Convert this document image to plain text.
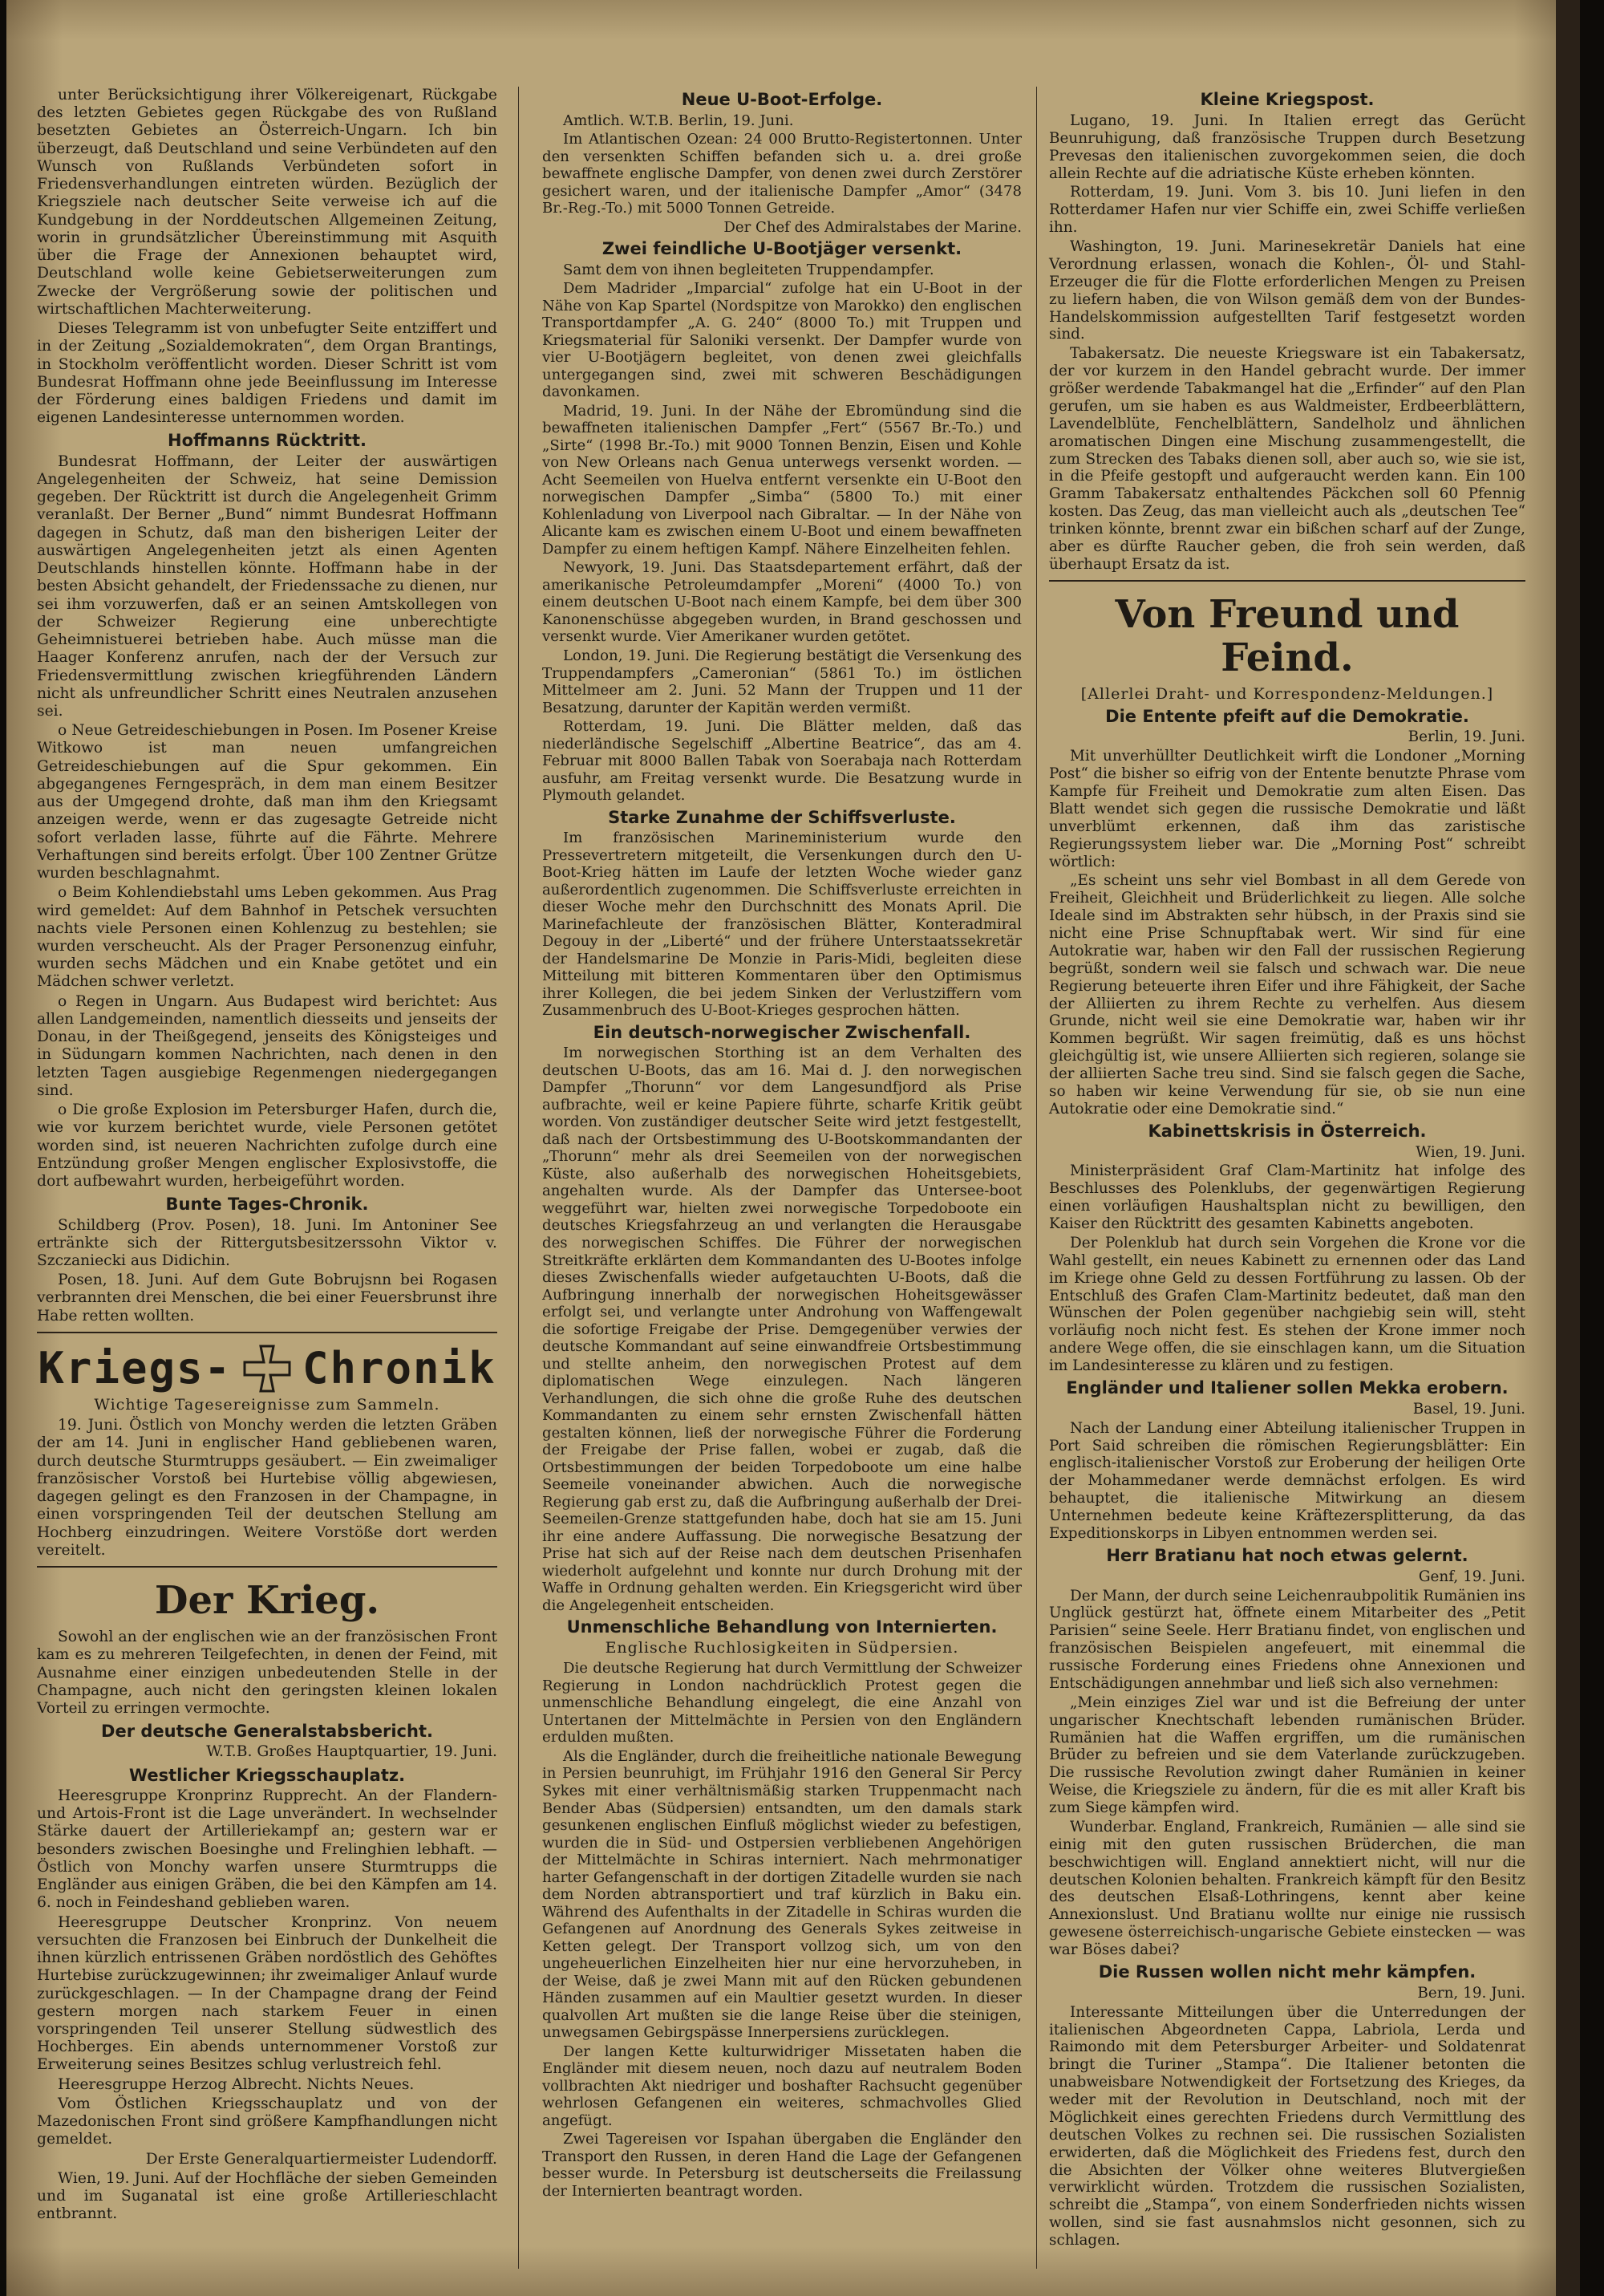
unter Berücksichtigung ihrer Völkereigenart, Rückgabe des letzten Gebietes gegen Rückgabe des von Rußland besetzten Gebietes an Österreich-Ungarn. Ich bin überzeugt, daß Deutschland und seine Verbündeten auf den Wunsch von Rußlands Verbündeten sofort in Friedensverhandlungen eintreten würden. Bezüglich der Kriegsziele nach deutscher Seite verweise ich auf die Kundgebung in der Norddeutschen Allgemeinen Zeitung, worin in grundsätzlicher Übereinstimmung mit Asquith über die Frage der Annexionen behauptet wird, Deutschland wolle keine Gebietserweiterungen zum Zwecke der Vergrößerung sowie der politischen und wirtschaftlichen Machterweiterung.
Dieses Telegramm ist von unbefugter Seite entziffert und in der Zeitung „Sozialdemokraten“, dem Organ Brantings, in Stockholm veröffentlicht worden. Dieser Schritt ist vom Bundesrat Hoffmann ohne jede Beeinflussung im Interesse der Förderung eines baldigen Friedens und damit im eigenen Landesinteresse unternommen worden.
Hoffmanns Rücktritt.
Bundesrat Hoffmann, der Leiter der auswärtigen Angelegenheiten der Schweiz, hat seine Demission gegeben. Der Rücktritt ist durch die Angelegenheit Grimm veranlaßt. Der Berner „Bund“ nimmt Bundesrat Hoffmann dagegen in Schutz, daß man den bisherigen Leiter der auswärtigen Angelegenheiten jetzt als einen Agenten Deutschlands hinstellen könnte. Hoffmann habe in der besten Absicht gehandelt, der Friedenssache zu dienen, nur sei ihm vorzuwerfen, daß er an seinen Amtskollegen von der Schweizer Regierung eine unberechtigte Geheimnistuerei betrieben habe. Auch müsse man die Haager Konferenz anrufen, nach der der Versuch zur Friedensvermittlung zwischen kriegführenden Ländern nicht als unfreundlicher Schritt eines Neutralen anzusehen sei.
o Neue Getreideschiebungen in Posen. Im Posener Kreise Witkowo ist man neuen umfangreichen Getreideschiebungen auf die Spur gekommen. Ein abgegangenes Ferngespräch, in dem man einem Besitzer aus der Umgegend drohte, daß man ihm den Kriegsamt anzeigen werde, wenn er das zugesagte Getreide nicht sofort verladen lasse, führte auf die Fährte. Mehrere Verhaftungen sind bereits erfolgt. Über 100 Zentner Grütze wurden beschlagnahmt.
o Beim Kohlendiebstahl ums Leben gekommen. Aus Prag wird gemeldet: Auf dem Bahnhof in Petschek versuchten nachts viele Personen einen Kohlenzug zu bestehlen; sie wurden verscheucht. Als der Prager Personenzug einfuhr, wurden sechs Mädchen und ein Knabe getötet und ein Mädchen schwer verletzt.
o Regen in Ungarn. Aus Budapest wird berichtet: Aus allen Landgemeinden, namentlich diesseits und jenseits der Donau, in der Theißgegend, jenseits des Königsteiges und in Südungarn kommen Nachrichten, nach denen in den letzten Tagen ausgiebige Regenmengen niedergegangen sind.
o Die große Explosion im Petersburger Hafen, durch die, wie vor kurzem berichtet wurde, viele Personen getötet worden sind, ist neueren Nachrichten zufolge durch eine Entzündung großer Mengen englischer Explosivstoffe, die dort aufbewahrt wurden, herbeigeführt worden.
Bunte Tages-Chronik.
Schildberg (Prov. Posen), 18. Juni. Im Antoniner See ertränkte sich der Rittergutsbesitzerssohn Viktor v. Szczaniecki aus Didichin.
Posen, 18. Juni. Auf dem Gute Bobrujsnn bei Rogasen verbrannten drei Menschen, die bei einer Feuersbrunst ihre Habe retten wollten.
Kriegs- Chronik
Wichtige Tagesereignisse zum Sammeln.
19. Juni. Östlich von Monchy werden die letzten Gräben der am 14. Juni in englischer Hand gebliebenen waren, durch deutsche Sturmtrupps gesäubert. — Ein zweimaliger französischer Vorstoß bei Hurtebise völlig abgewiesen, dagegen gelingt es den Franzosen in der Champagne, in einen vorspringenden Teil der deutschen Stellung am Hochberg einzudringen. Weitere Vorstöße dort werden vereitelt.
Der Krieg.
Sowohl an der englischen wie an der französischen Front kam es zu mehreren Teilgefechten, in denen der Feind, mit Ausnahme einer einzigen unbedeutenden Stelle in der Champagne, auch nicht den geringsten kleinen lokalen Vorteil zu erringen vermochte.
Der deutsche Generalstabsbericht.
W.T.B. Großes Hauptquartier, 19. Juni.
Westlicher Kriegsschauplatz.
Heeresgruppe Kronprinz Rupprecht. An der Flandern- und Artois-Front ist die Lage unverändert. In wechselnder Stärke dauert der Artilleriekampf an; gestern war er besonders zwischen Boesinghe und Frelinghien lebhaft. — Östlich von Monchy warfen unsere Sturmtrupps die Engländer aus einigen Gräben, die bei den Kämpfen am 14. 6. noch in Feindeshand geblieben waren.
Heeresgruppe Deutscher Kronprinz. Von neuem versuchten die Franzosen bei Einbruch der Dunkelheit die ihnen kürzlich entrissenen Gräben nordöstlich des Gehöftes Hurtebise zurückzugewinnen; ihr zweimaliger Anlauf wurde zurückgeschlagen. — In der Champagne drang der Feind gestern morgen nach starkem Feuer in einen vorspringenden Teil unserer Stellung südwestlich des Hochberges. Ein abends unternommener Vorstoß zur Erweiterung seines Besitzes schlug verlustreich fehl.
Heeresgruppe Herzog Albrecht. Nichts Neues.
Vom Östlichen Kriegsschauplatz und von der Mazedonischen Front sind größere Kampfhandlungen nicht gemeldet.
Der Erste Generalquartiermeister Ludendorff.
Wien, 19. Juni. Auf der Hochfläche der sieben Gemeinden und im Suganatal ist eine große Artillerieschlacht entbrannt.
Neue U-Boot-Erfolge.
Amtlich. W.T.B. Berlin, 19. Juni.
Im Atlantischen Ozean: 24 000 Brutto-Registertonnen. Unter den versenkten Schiffen befanden sich u. a. drei große bewaffnete englische Dampfer, von denen zwei durch Zerstörer gesichert waren, und der italienische Dampfer „Amor“ (3478 Br.-Reg.-To.) mit 5000 Tonnen Getreide.
Der Chef des Admiralstabes der Marine.
Zwei feindliche U-Bootjäger versenkt.
Samt dem von ihnen begleiteten Truppendampfer.
Dem Madrider „Imparcial“ zufolge hat ein U-Boot in der Nähe von Kap Spartel (Nordspitze von Marokko) den englischen Transportdampfer „A. G. 240“ (8000 To.) mit Truppen und Kriegsmaterial für Saloniki versenkt. Der Dampfer wurde von vier U-Bootjägern begleitet, von denen zwei gleichfalls untergegangen sind, zwei mit schweren Beschädigungen davonkamen.
Madrid, 19. Juni. In der Nähe der Ebromündung sind die bewaffneten italienischen Dampfer „Fert“ (5567 Br.-To.) und „Sirte“ (1998 Br.-To.) mit 9000 Tonnen Benzin, Eisen und Kohle von New Orleans nach Genua unterwegs versenkt worden. — Acht Seemeilen von Huelva entfernt versenkte ein U-Boot den norwegischen Dampfer „Simba“ (5800 To.) mit einer Kohlenladung von Liverpool nach Gibraltar. — In der Nähe von Alicante kam es zwischen einem U-Boot und einem bewaffneten Dampfer zu einem heftigen Kampf. Nähere Einzelheiten fehlen.
Newyork, 19. Juni. Das Staatsdepartement erfährt, daß der amerikanische Petroleumdampfer „Moreni“ (4000 To.) von einem deutschen U-Boot nach einem Kampfe, bei dem über 300 Kanonenschüsse abgegeben wurden, in Brand geschossen und versenkt wurde. Vier Amerikaner wurden getötet.
London, 19. Juni. Die Regierung bestätigt die Versenkung des Truppendampfers „Cameronian“ (5861 To.) im östlichen Mittelmeer am 2. Juni. 52 Mann der Truppen und 11 der Besatzung, darunter der Kapitän werden vermißt.
Rotterdam, 19. Juni. Die Blätter melden, daß das niederländische Segelschiff „Albertine Beatrice“, das am 4. Februar mit 8000 Ballen Tabak von Soerabaja nach Rotterdam ausfuhr, am Freitag versenkt wurde. Die Besatzung wurde in Plymouth gelandet.
Starke Zunahme der Schiffsverluste.
Im französischen Marineministerium wurde den Pressevertretern mitgeteilt, die Versenkungen durch den U-Boot-Krieg hätten im Laufe der letzten Woche wieder ganz außerordentlich zugenommen. Die Schiffsverluste erreichten in dieser Woche mehr den Durchschnitt des Monats April. Die Marinefachleute der französischen Blätter, Konteradmiral Degouy in der „Liberté“ und der frühere Unterstaatssekretär der Handelsmarine De Monzie in Paris-Midi, begleiten diese Mitteilung mit bitteren Kommentaren über den Optimismus ihrer Kollegen, die bei jedem Sinken der Verlustziffern vom Zusammenbruch des U-Boot-Krieges gesprochen hätten.
Ein deutsch-norwegischer Zwischenfall.
Im norwegischen Storthing ist an dem Verhalten des deutschen U-Boots, das am 16. Mai d. J. den norwegischen Dampfer „Thorunn“ vor dem Langesundfjord als Prise aufbrachte, weil er keine Papiere führte, scharfe Kritik geübt worden. Von zuständiger deutscher Seite wird jetzt festgestellt, daß nach der Ortsbestimmung des U-Bootskommandanten der „Thorunn“ mehr als drei Seemeilen von der norwegischen Küste, also außerhalb des norwegischen Hoheitsgebiets, angehalten wurde. Als der Dampfer das Untersee-boot weggeführt war, hielten zwei norwegische Torpedoboote ein deutsches Kriegsfahrzeug an und verlangten die Herausgabe des norwegischen Schiffes. Die Führer der norwegischen Streitkräfte erklärten dem Kommandanten des U-Bootes infolge dieses Zwischenfalls wieder aufgetauchten U-Boots, daß die Aufbringung innerhalb der norwegischen Hoheitsgewässer erfolgt sei, und verlangte unter Androhung von Waffengewalt die sofortige Freigabe der Prise. Demgegenüber verwies der deutsche Kommandant auf seine einwandfreie Ortsbestimmung und stellte anheim, den norwegischen Protest auf dem diplomatischen Wege einzulegen. Nach längeren Verhandlungen, die sich ohne die große Ruhe des deutschen Kommandanten zu einem sehr ernsten Zwischenfall hätten gestalten können, ließ der norwegische Führer die Forderung der Freigabe der Prise fallen, wobei er zugab, daß die Ortsbestimmungen der beiden Torpedoboote um eine halbe Seemeile voneinander abwichen. Auch die norwegische Regierung gab erst zu, daß die Aufbringung außerhalb der Drei-Seemeilen-Grenze stattgefunden habe, doch hat sie am 15. Juni ihr eine andere Auffassung. Die norwegische Besatzung der Prise hat sich auf der Reise nach dem deutschen Prisenhafen wiederholt aufgelehnt und konnte nur durch Drohung mit der Waffe in Ordnung gehalten werden. Ein Kriegsgericht wird über die Angelegenheit entscheiden.
Unmenschliche Behandlung von Internierten.
Englische Ruchlosigkeiten in Südpersien.
Die deutsche Regierung hat durch Vermittlung der Schweizer Regierung in London nachdrücklich Protest gegen die unmenschliche Behandlung eingelegt, die eine Anzahl von Untertanen der Mittelmächte in Persien von den Engländern erdulden mußten.
Als die Engländer, durch die freiheitliche nationale Bewegung in Persien beunruhigt, im Frühjahr 1916 den General Sir Percy Sykes mit einer verhältnismäßig starken Truppenmacht nach Bender Abas (Südpersien) entsandten, um den damals stark gesunkenen englischen Einfluß möglichst wieder zu befestigen, wurden die in Süd- und Ostpersien verbliebenen Angehörigen der Mittelmächte in Schiras interniert. Nach mehrmonatiger harter Gefangenschaft in der dortigen Zitadelle wurden sie nach dem Norden abtransportiert und traf kürzlich in Baku ein. Während des Aufenthalts in der Zitadelle in Schiras wurden die Gefangenen auf Anordnung des Generals Sykes zeitweise in Ketten gelegt. Der Transport vollzog sich, um von den ungeheuerlichen Einzelheiten hier nur eine hervorzuheben, in der Weise, daß je zwei Mann mit auf den Rücken gebundenen Händen zusammen auf ein Maultier gesetzt wurden. In dieser qualvollen Art mußten sie die lange Reise über die steinigen, unwegsamen Gebirgspässe Innerpersiens zurücklegen.
Der langen Kette kulturwidriger Missetaten haben die Engländer mit diesem neuen, noch dazu auf neutralem Boden vollbrachten Akt niedriger und boshafter Rachsucht gegenüber wehrlosen Gefangenen ein weiteres, schmachvolles Glied angefügt.
Zwei Tagereisen vor Ispahan übergaben die Engländer den Transport den Russen, in deren Hand die Lage der Gefangenen besser wurde. In Petersburg ist deutscherseits die Freilassung der Internierten beantragt worden.
Kleine Kriegspost.
Lugano, 19. Juni. In Italien erregt das Gerücht Beunruhigung, daß französische Truppen durch Besetzung Prevesas den italienischen zuvorgekommen seien, die doch allein Rechte auf die adriatische Küste erheben könnten.
Rotterdam, 19. Juni. Vom 3. bis 10. Juni liefen in den Rotterdamer Hafen nur vier Schiffe ein, zwei Schiffe verließen ihn.
Washington, 19. Juni. Marinesekretär Daniels hat eine Verordnung erlassen, wonach die Kohlen-, Öl- und Stahl-Erzeuger die für die Flotte erforderlichen Mengen zu Preisen zu liefern haben, die von Wilson gemäß dem von der Bundes-Handelskommission aufgestellten Tarif festgesetzt worden sind.
Tabakersatz. Die neueste Kriegsware ist ein Tabakersatz, der vor kurzem in den Handel gebracht wurde. Der immer größer werdende Tabakmangel hat die „Erfinder“ auf den Plan gerufen, um sie haben es aus Waldmeister, Erdbeerblättern, Lavendelblüte, Fenchelblättern, Sandelholz und ähnlichen aromatischen Dingen eine Mischung zusammengestellt, die zum Strecken des Tabaks dienen soll, aber auch so, wie sie ist, in die Pfeife gestopft und aufgeraucht werden kann. Ein 100 Gramm Tabakersatz enthaltendes Päckchen soll 60 Pfennig kosten. Das Zeug, das man vielleicht auch als „deutschen Tee“ trinken könnte, brennt zwar ein bißchen scharf auf der Zunge, aber es dürfte Raucher geben, die froh sein werden, daß überhaupt Ersatz da ist.
Von Freund und Feind.
[Allerlei Draht- und Korrespondenz-Meldungen.]
Die Entente pfeift auf die Demokratie.
Berlin, 19. Juni.
Mit unverhüllter Deutlichkeit wirft die Londoner „Morning Post“ die bisher so eifrig von der Entente benutzte Phrase vom Kampfe für Freiheit und Demokratie zum alten Eisen. Das Blatt wendet sich gegen die russische Demokratie und läßt unverblümt erkennen, daß ihm das zaristische Regierungssystem lieber war. Die „Morning Post“ schreibt wörtlich:
„Es scheint uns sehr viel Bombast in all dem Gerede von Freiheit, Gleichheit und Brüderlichkeit zu liegen. Alle solche Ideale sind im Abstrakten sehr hübsch, in der Praxis sind sie nicht eine Prise Schnupftabak wert. Wir sind für eine Autokratie war, haben wir den Fall der russischen Regierung begrüßt, sondern weil sie falsch und schwach war. Die neue Regierung beteuerte ihren Eifer und ihre Fähigkeit, der Sache der Alliierten zu ihrem Rechte zu verhelfen. Aus diesem Grunde, nicht weil sie eine Demokratie war, haben wir ihr Kommen begrüßt. Wir sagen freimütig, daß es uns höchst gleichgültig ist, wie unsere Alliierten sich regieren, solange sie der alliierten Sache treu sind. Sind sie falsch gegen die Sache, so haben wir keine Verwendung für sie, ob sie nun eine Autokratie oder eine Demokratie sind.“
Kabinettskrisis in Österreich.
Wien, 19. Juni.
Ministerpräsident Graf Clam-Martinitz hat infolge des Beschlusses des Polenklubs, der gegenwärtigen Regierung einen vorläufigen Haushaltsplan nicht zu bewilligen, den Kaiser den Rücktritt des gesamten Kabinetts angeboten.
Der Polenklub hat durch sein Vorgehen die Krone vor die Wahl gestellt, ein neues Kabinett zu ernennen oder das Land im Kriege ohne Geld zu dessen Fortführung zu lassen. Ob der Entschluß des Grafen Clam-Martinitz bedeutet, daß man den Wünschen der Polen gegenüber nachgiebig sein will, steht vorläufig noch nicht fest. Es stehen der Krone immer noch andere Wege offen, die sie einschlagen kann, um die Situation im Landesinteresse zu klären und zu festigen.
Engländer und Italiener sollen Mekka erobern.
Basel, 19. Juni.
Nach der Landung einer Abteilung italienischer Truppen in Port Said schreiben die römischen Regierungsblätter: Ein englisch-italienischer Vorstoß zur Eroberung der heiligen Orte der Mohammedaner werde demnächst erfolgen. Es wird behauptet, die italienische Mitwirkung an diesem Unternehmen bedeute keine Kräftezersplitterung, da das Expeditionskorps in Libyen entnommen werden sei.
Herr Bratianu hat noch etwas gelernt.
Genf, 19. Juni.
Der Mann, der durch seine Leichenraubpolitik Rumänien ins Unglück gestürzt hat, öffnete einem Mitarbeiter des „Petit Parisien“ seine Seele. Herr Bratianu findet, von englischen und französischen Beispielen angefeuert, mit einemmal die russische Forderung eines Friedens ohne Annexionen und Entschädigungen annehmbar und ließ sich also vernehmen:
„Mein einziges Ziel war und ist die Befreiung der unter ungarischer Knechtschaft lebenden rumänischen Brüder. Rumänien hat die Waffen ergriffen, um die rumänischen Brüder zu befreien und sie dem Vaterlande zurückzugeben. Die russische Revolution zwingt daher Rumänien in keiner Weise, die Kriegsziele zu ändern, für die es mit aller Kraft bis zum Siege kämpfen wird.
Wunderbar. England, Frankreich, Rumänien — alle sind sie einig mit den guten russischen Brüderchen, die man beschwichtigen will. England annektiert nicht, will nur die deutschen Kolonien behalten. Frankreich kämpft für den Besitz des deutschen Elsaß-Lothringens, kennt aber keine Annexionslust. Und Bratianu wollte nur einige nie russisch gewesene österreichisch-ungarische Gebiete einstecken — was war Böses dabei?
Die Russen wollen nicht mehr kämpfen.
Bern, 19. Juni.
Interessante Mitteilungen über die Unterredungen der italienischen Abgeordneten Cappa, Labriola, Lerda und Raimondo mit dem Petersburger Arbeiter- und Soldatenrat bringt die Turiner „Stampa“. Die Italiener betonten die unabweisbare Notwendigkeit der Fortsetzung des Krieges, da weder mit der Revolution in Deutschland, noch mit der Möglichkeit eines gerechten Friedens durch Vermittlung des deutschen Volkes zu rechnen sei. Die russischen Sozialisten erwiderten, daß die Möglichkeit des Friedens fest, durch den die Absichten der Völker ohne weiteres Blutvergießen verwirklicht würden. Trotzdem die russischen Sozialisten, schreibt die „Stampa“, von einem Sonderfrieden nichts wissen wollen, sind sie fast ausnahmslos nicht gesonnen, sich zu schlagen.
